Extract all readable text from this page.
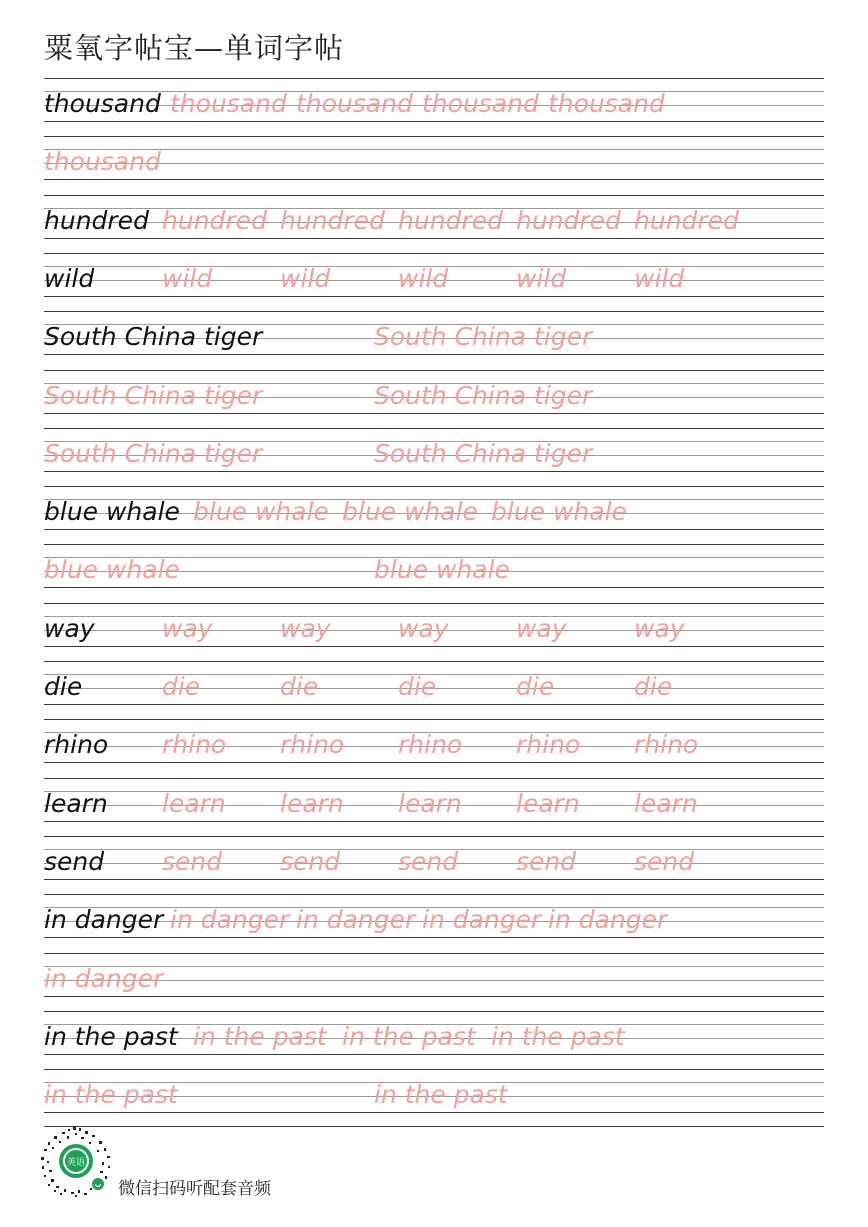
粟氧字帖宝—单词字帖
thousand thousand thousand thousand thousand
thousand
hundred hundred hundred hundred hundred hundred
wild	wild	wild	wild	wild	wild
South China tiger	South China tiger
South China tiger	South China tiger
South China tiger	South China tiger
blue whale blue whale blue whale blue whale
blue whale	blue whale
way	way	way	way	way	way
die	die	die	die	die	die
rhino rhino rhino rhino rhino rhino
learn learn learn learn learn learn
send send send send send send
in danger in danger in danger in danger in danger
in danger
in the past in the past in the past in the past
in the past	in the past
英语
微信扫码听配套音频
